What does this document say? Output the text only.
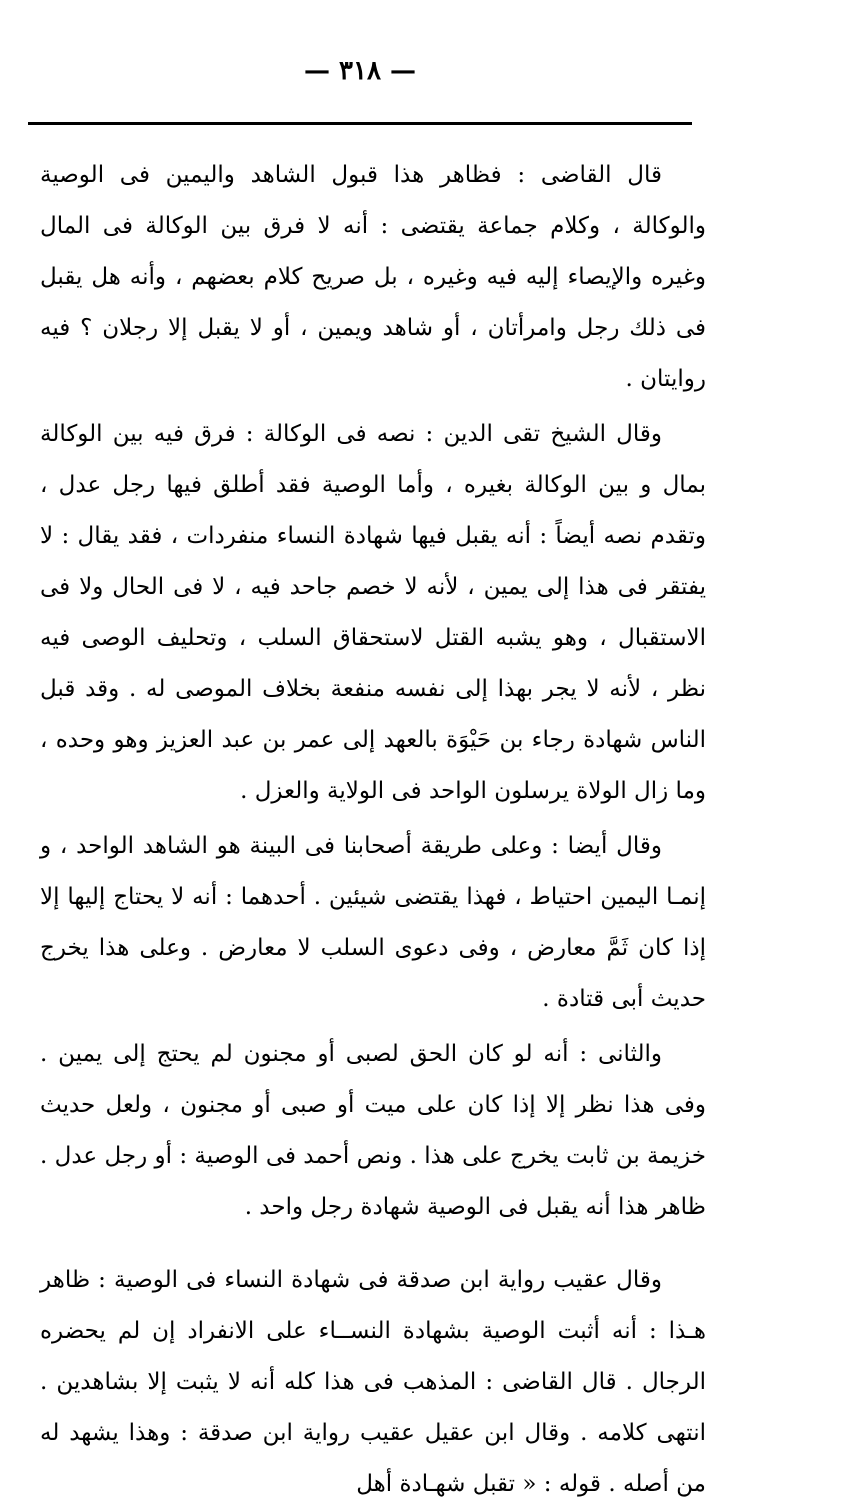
— ٣١٨ —

قال القاضى : فظاهر هذا قبول الشاهد واليمين فى الوصية والوكالة ، وكلام جماعة يقتضى : أنه لا فرق بين الوكالة فى المال وغيره والإيصاء إليه فيه وغيره ، بل صريح كلام بعضهم ، وأنه هل يقبل فى ذلك رجل وامرأتان ، أو شاهد ويمين ، أو لا يقبل إلا رجلان ؟ فيه روايتان .

وقال الشيخ تقى الدين : نصه فى الوكالة : فرق فيه بين الوكالة بمال و بين الوكالة بغيره ، وأما الوصية فقد أطلق فيها رجل عدل ، وتقدم نصه أيضاً : أنه يقبل فيها شهادة النساء منفردات ، فقد يقال : لا يفتقر فى هذا إلى يمين ، لأنه لا خصم جاحد فيه ، لا فى الحال ولا فى الاستقبال ، وهو يشبه القتل لاستحقاق السلب ، وتحليف الوصى فيه نظر ، لأنه لا يجر بهذا إلى نفسه منفعة بخلاف الموصى له . وقد قبل الناس شهادة رجاء بن حَيْوَة بالعهد إلى عمر بن عبد العزيز وهو وحده ، وما زال الولاة يرسلون الواحد فى الولاية والعزل .

وقال أيضا : وعلى طريقة أصحابنا فى البينة هو الشاهد الواحد ، و إنمـا اليمين احتياط ، فهذا يقتضى شيئين . أحدهما : أنه لا يحتاج إليها إلا إذا كان ثَمَّ معارض ، وفى دعوى السلب لا معارض . وعلى هذا يخرج حديث أبى قتادة .

والثانى : أنه لو كان الحق لصبى أو مجنون لم يحتج إلى يمين . وفى هذا نظر إلا إذا كان على ميت أو صبى أو مجنون ، ولعل حديث خزيمة بن ثابت يخرج على هذا . ونص أحمد فى الوصية : أو رجل عدل . ظاهر هذا أنه يقبل فى الوصية شهادة رجل واحد .

وقال عقيب رواية ابن صدقة فى شهادة النساء فى الوصية : ظاهر هـذا : أنه أثبت الوصية بشهادة النســاء على الانفراد إن لم يحضره الرجال . قال القاضى : المذهب فى هذا كله أنه لا يثبت إلا بشاهدين . انتهى كلامه . وقال ابن عقيل عقيب رواية ابن صدقة : وهذا يشهد له من أصله . قوله : « تقبل شهـادة أهل
